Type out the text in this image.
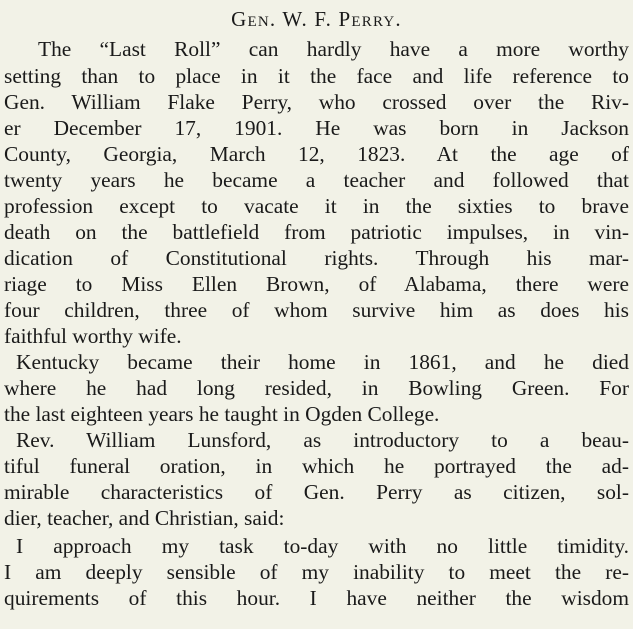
Gen. W. F. Perry.
The “Last Roll” can hardly have a more worthy
setting than to place in it the face and life reference to
Gen. William Flake Perry, who crossed over the Riv-
er December 17, 1901. He was born in Jackson
County, Georgia, March 12, 1823. At the age of
twenty years he became a teacher and followed that
profession except to vacate it in the sixties to brave
death on the battlefield from patriotic impulses, in vin-
dication of Constitutional rights. Through his mar-
riage to Miss Ellen Brown, of Alabama, there were
four children, three of whom survive him as does his
faithful worthy wife.
Kentucky became their home in 1861, and he died
where he had long resided, in Bowling Green. For
the last eighteen years he taught in Ogden College.
Rev. William Lunsford, as introductory to a beau-
tiful funeral oration, in which he portrayed the ad-
mirable characteristics of Gen. Perry as citizen, sol-
dier, teacher, and Christian, said:
I approach my task to-day with no little timidity.
I am deeply sensible of my inability to meet the re-
quirements of this hour. I have neither the wisdom
